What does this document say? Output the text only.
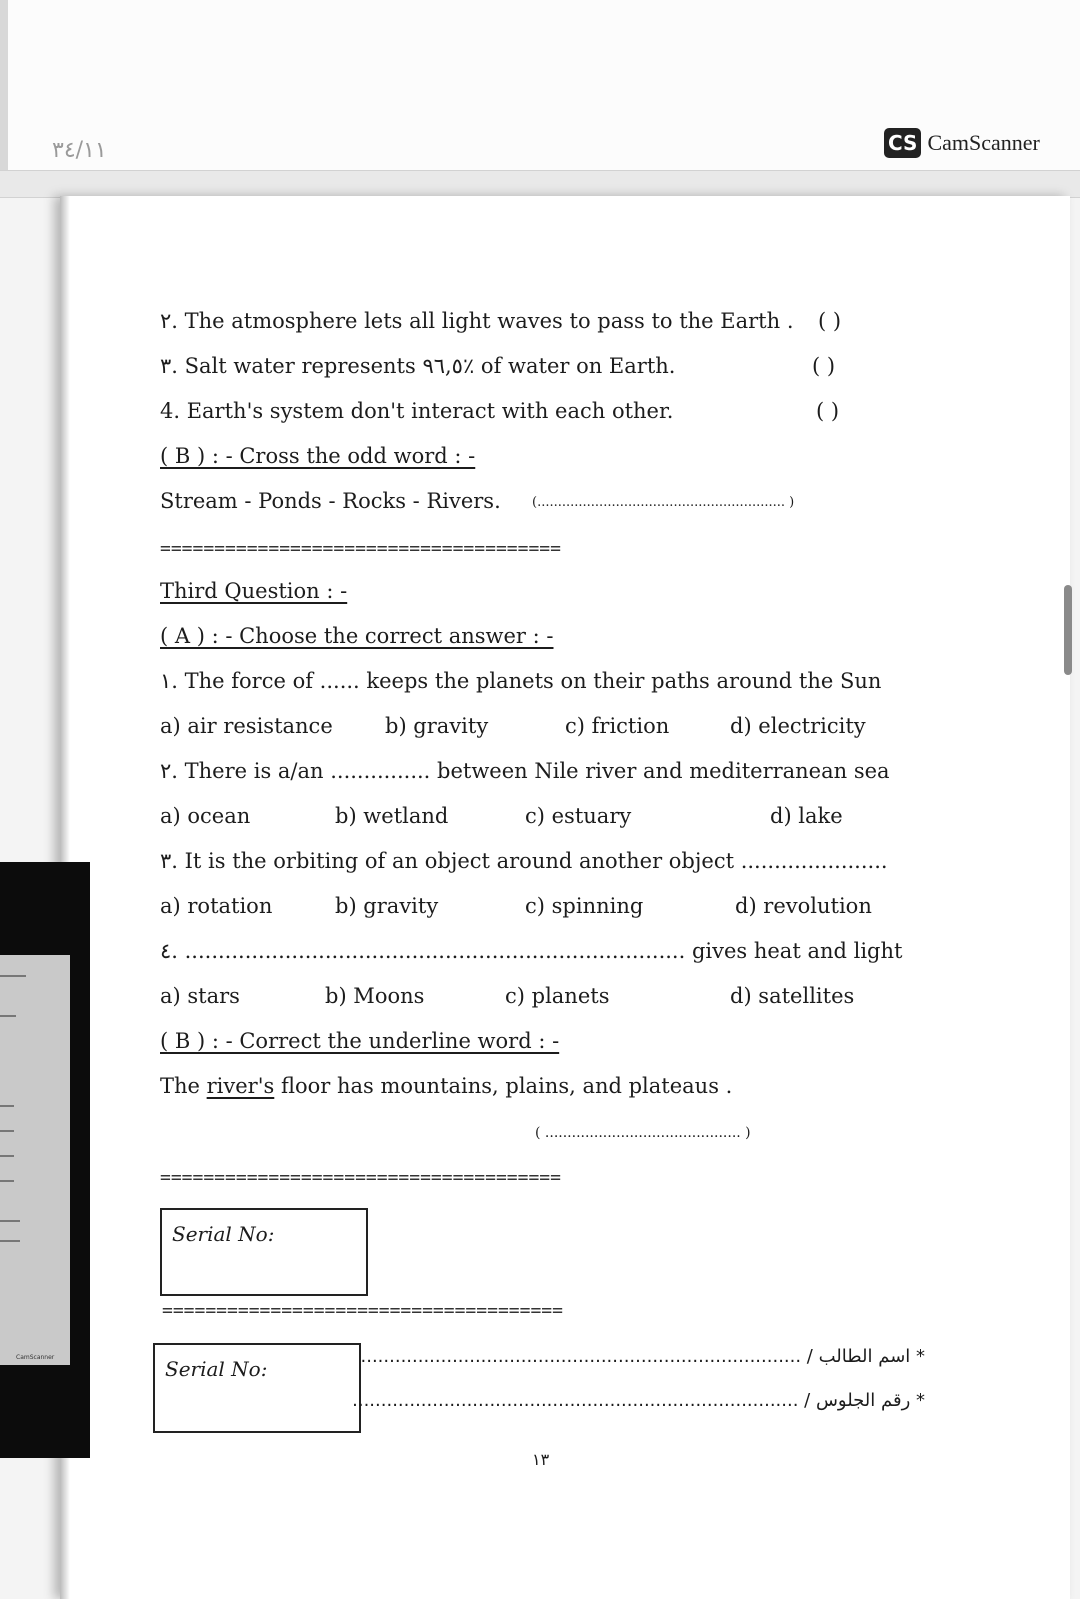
٣٤/١١	CS CamScanner
CamScanner
٢. The atmosphere lets all light waves to pass to the Earth . ( )
٣. Salt water represents ٩٦,٥٪ of water on Earth.	( )
4. Earth's system don't interact with each other.	( )
( B ) : - Cross the odd word : -
Stream - Ponds - Rocks - Rivers. (............................................................ )
=====================================
Third Question : -
( A ) : - Choose the correct answer : -
١. The force of ...... keeps the planets on their paths around the Sun
a) air resistance b) gravity	c) friction	d) electricity
٢. There is a/an ............... between Nile river and mediterranean sea
a) ocean	b) wetland	c) estuary	d) lake
٣. It is the orbiting of an object around another object ......................
a) rotation	b) gravity	c) spinning	d) revolution
٤. ........................................................................... gives heat and light
a) stars	b) Moons	c) planets	d) satellites
( B ) : - Correct the underline word : -
The river's floor has mountains, plains, and plateaus .
( ............................................ )
=====================================
Serial No:
=====================================
Serial No:
* اسم الطالب / .............................................................................
* رقم الجلوس / ..............................................................................
١٣
